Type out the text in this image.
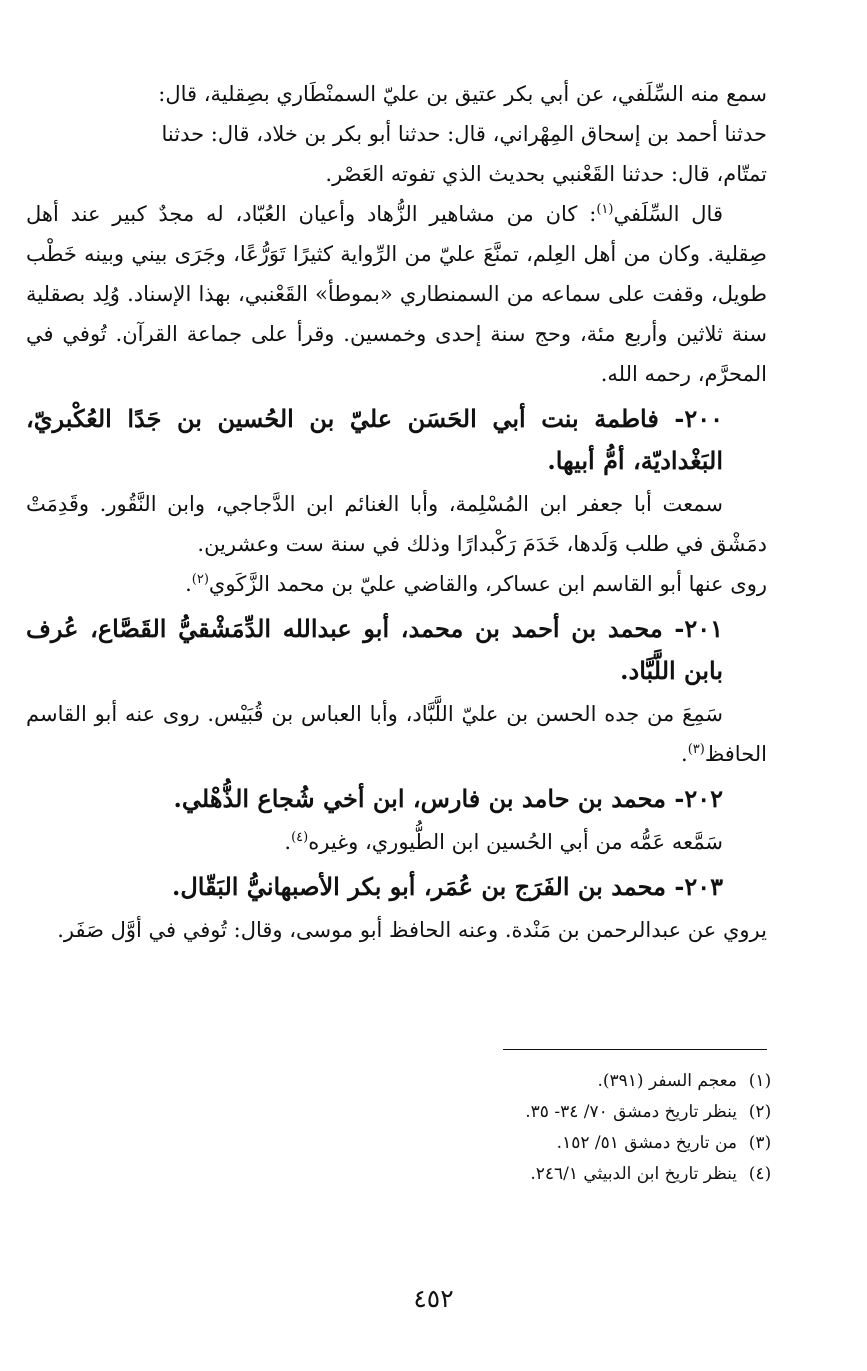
سمع منه السِّلَفي، عن أبي بكر عتيق بن عليّ السمنْطَاري بصِقلية، قال:

حدثنا أحمد بن إسحاق المِهْراني، قال: حدثنا أبو بكر بن خلاد، قال: حدثنا

تمتّام، قال: حدثنا القَعْنبي بحديث الذي تفوته العَصْر.

قال السِّلَفي$^{(١)}$: كان من مشاهير الزُّهاد وأعيان العُبّاد، له مجدٌ كبير عند أهل صِقلية. وكان من أهل العِلم، تمنَّعَ عليّ من الرِّواية كثيرًا تَوَرُّعًا، وجَرَى بيني وبينه خَطْب طويل، وقفت على سماعه من السمنطاري «بموطأ» القَعْنبي، بهذا الإسناد. وُلِد بصقلية سنة ثلاثين وأربع مئة، وحج سنة إحدى وخمسين. وقرأ على جماعة القرآن. تُوفي في المحرَّم، رحمه الله.

٢٠٠- فاطمة بنت أبي الحَسَن عليّ بن الحُسين بن جَدًا العُكْبريّ، البَغْداديّة، أمُّ أبيها.

سمعت أبا جعفر ابن المُسْلِمة، وأبا الغنائم ابن الدَّجاجي، وابن النَّقُور. وقَدِمَتْ دمَشْق في طلب وَلَدها، خَدَمَ رَكْبدارًا وذلك في سنة ست وعشرين.

روى عنها أبو القاسم ابن عساكر، والقاضي عليّ بن محمد الزَّكَوي$^{(٢)}$.

٢٠١- محمد بن أحمد بن محمد، أبو عبدالله الدِّمَشْقيُّ القَصَّاع، عُرف بابن اللَّبَّاد.

سَمِعَ من جده الحسن بن عليّ اللَّبَّاد، وأبا العباس بن قُبَيْس. روى عنه أبو القاسم الحافظ$^{(٣)}$.

٢٠٢- محمد بن حامد بن فارس، ابن أخي شُجاع الذُّهْلي.

سَمَّعه عَمُّه من أبي الحُسين ابن الطُّيوري، وغيره$^{(٤)}$.

٢٠٣- محمد بن الفَرَج بن عُمَر، أبو بكر الأصبهانيُّ البَقّال.

يروي عن عبدالرحمن بن مَنْدة. وعنه الحافظ أبو موسى، وقال: تُوفي في أوَّل صَفَر.

(١)
معجم السفر (٣٩١).
(٢)
ينظر تاريخ دمشق ٧٠/ ٣٤- ٣٥.
(٣)
من تاريخ دمشق ٥١/ ١٥٢.
(٤)
ينظر تاريخ ابن الدبيثي ٢٤٦/١.
٤٥٢
